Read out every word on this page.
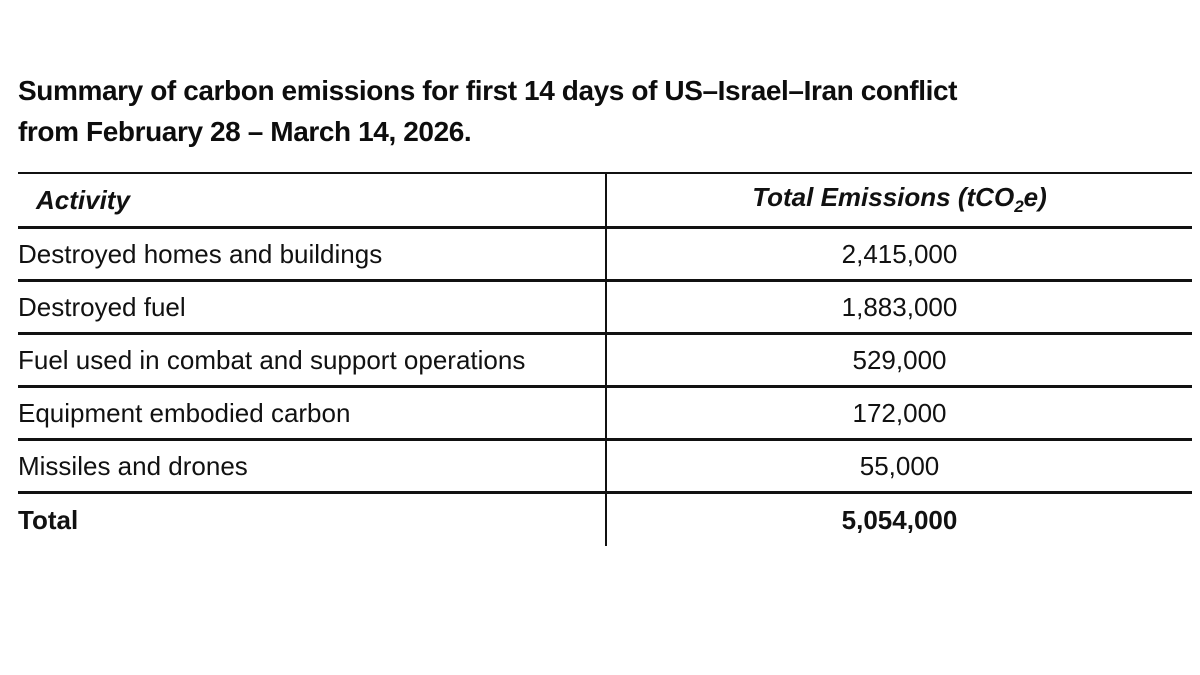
Summary of carbon emissions for first 14 days of US–Israel–Iran conflict
from February 28 – March 14, 2026.
Activity	Total Emissions (tCO$_2$e)
Destroyed homes and buildings	2,415,000
Destroyed fuel	1,883,000
Fuel used in combat and support operations	529,000
Equipment embodied carbon	172,000
Missiles and drones	55,000
Total	5,054,000
